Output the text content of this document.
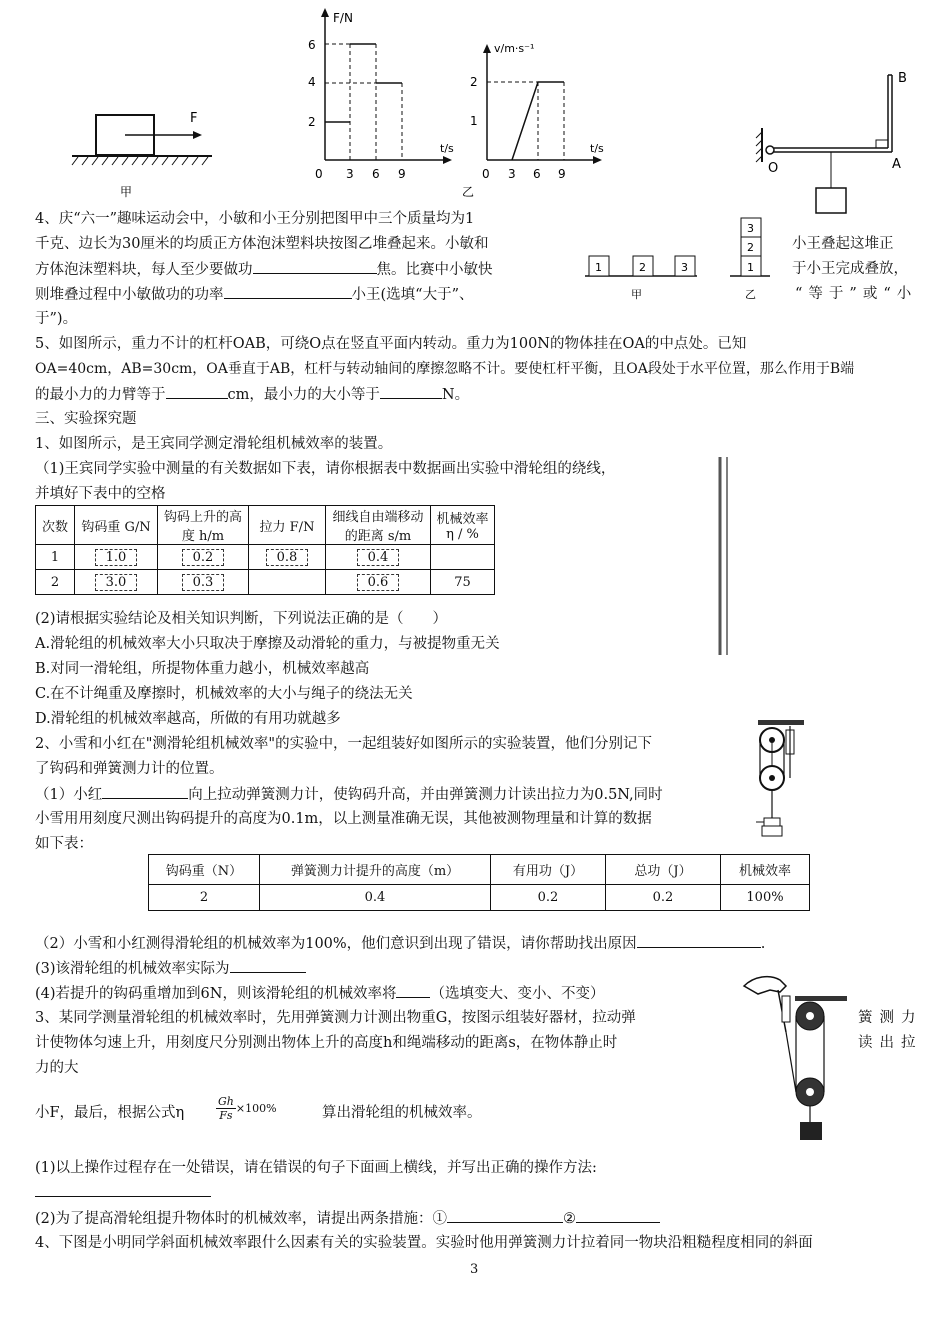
F
甲
F/N
t/s
2
4
6
0 3 6 9
v/m·s⁻¹
t/s
1
2
0 3 6 9
乙
B
O	A
4、庆“六一”趣味运动会中，小敏和小王分别把图甲中三个质量均为1
小王叠起这堆正
千克、边长为30厘米的均质正方体泡沫塑料块按图乙堆叠起来。小敏和
方体泡沫塑料块，每人至少要做功	焦。比赛中小敏快	于小王完成叠放，
则堆叠过程中小敏做功的功率	小王(选填“大于”、	“等于”或“小
于”)。
1	2	3
甲
3
2
1
乙
5、如图所示，重力不计的杠杆OAB，可绕O点在竖直平面内转动。重力为100N的物体挂在OA的中点处。已知
OA=40cm，AB=30cm，OA垂直于AB，杠杆与转动轴间的摩擦忽略不计。要使杠杆平衡，且OA段处于水平位置，那么作用于B端
的最小力的力臂等于	cm，最小力的大小等于	N。
三、实验探究题
1、如图所示，是王宾同学测定滑轮组机械效率的装置。
（1)王宾同学实验中测量的有关数据如下表，请你根据表中数据画出实验中滑轮组的绕线，
并填好下表中的空格
次数	钩码重 G/N	钩码上升的高度 h/m	拉力 F/N	细线自由端移动的距离 s/m	机械效率 η / %
1	1.0	0.2	0.8	0.4	
2	3.0	0.3		0.6	75
(2)请根据实验结论及相关知识判断，下列说法正确的是（　　）
A.滑轮组的机械效率大小只取决于摩擦及动滑轮的重力，与被提物重无关
B.对同一滑轮组，所提物体重力越小，机械效率越高
C.在不计绳重及摩擦时，机械效率的大小与绳子的绕法无关
D.滑轮组的机械效率越高，所做的有用功就越多
2、小雪和小红在"测滑轮组机械效率"的实验中，一起组装好如图所示的实验装置，他们分别记下
了钩码和弹簧测力计的位置。
（1）小红	向上拉动弹簧测力计，使钩码升高，并由弹簧测力计读出拉力为0.5N,同时
小雪用用刻度尺测出钩码提升的高度为0.1m，以上测量准确无误，其他被测物理量和计算的数据
如下表：
钩码重（N）	弹簧测力计提升的高度（m）	有用功（J）	总功（J）	机械效率
2	0.4	0.2	0.2	100%
（2）小雪和小红测得滑轮组的机械效率为100%，他们意识到出现了错误，请你帮助找出原因	.
(3)该滑轮组的机械效率实际为
(4)若提升的钩码重增加到6N，则该滑轮组的机械效率将 （选填变大、变小、不变）
3、某同学测量滑轮组的机械效率时，先用弹簧测力计测出物重G，按图示组装好器材，拉动弹	簧测力
计使物体匀速上升，用刻度尺分别测出物体上升的高度h和绳端移动的距离s，在物体静止时	读出拉
力的大
小F，最后，根据公式η	$\frac{Gh}{Fs} \times 100\%$	算出滑轮组的机械效率。
(1)以上操作过程存在一处错误，请在错误的句子下面画上横线，并写出正确的操作方法:
(2)为了提高滑轮组提升物体时的机械效率，请提出两条措施：①	②
4、下图是小明同学斜面机械效率跟什么因素有关的实验装置。实验时他用弹簧测力计拉着同一物块沿粗糙程度相同的斜面
3
